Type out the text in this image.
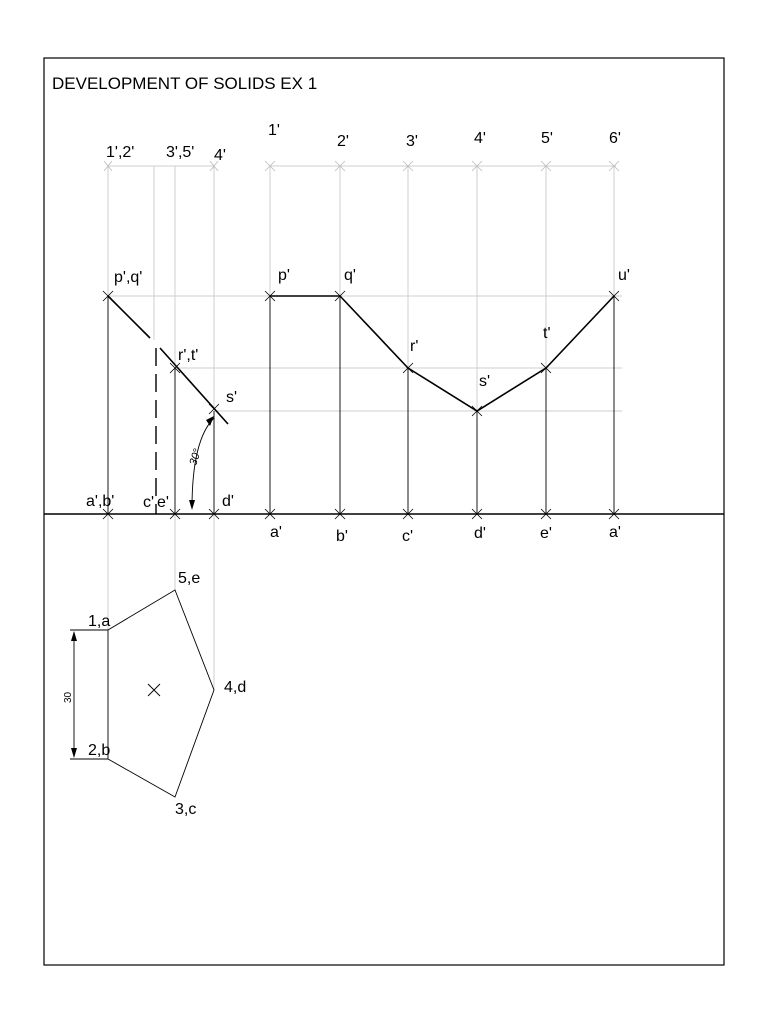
DEVELOPMENT OF SOLIDS EX 1
30°
1',2' 3',5' 4'
p',q'
r',t'
s'
a',b' c' e'	d'
1'
2'	3'	4'	5'	6'
p'	q'
r'
s'
t'
u'
a'	b'	c'	d'	e'	a'
30
1,a
5,e
4,d
3,c
2,b
